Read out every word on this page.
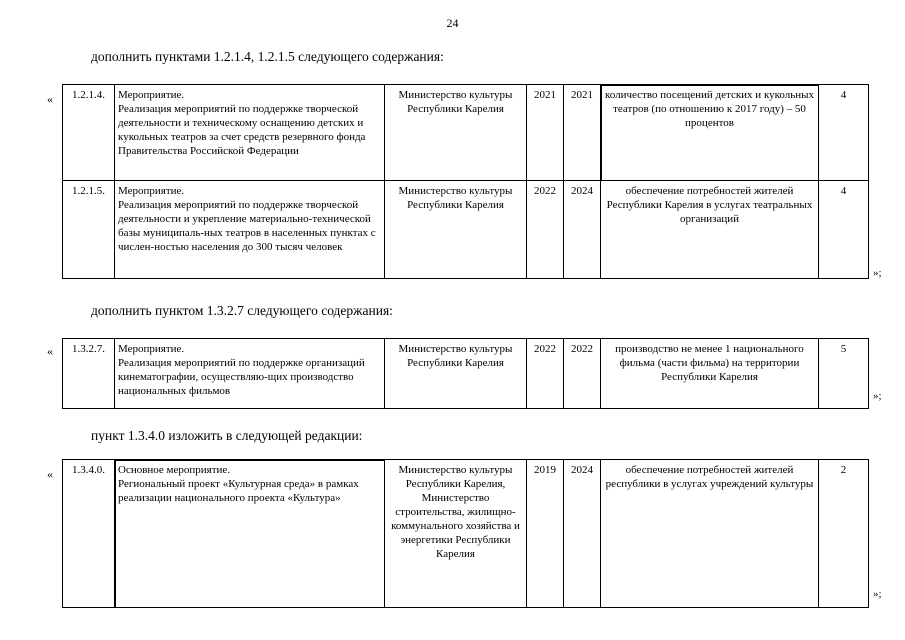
24
дополнить пунктами 1.2.1.4, 1.2.1.5 следующего содержания:
« 1.2.1.4.	Мероприятие.
Реализация мероприятий по поддержке творческой деятельности и техническому оснащению детских и кукольных театров за счет средств резервного фонда Правительства Российской Федерации	Министерство культуры Республики Карелия	2021	2021	количество посещений детских и кукольных театров (по отношению к 2017 году) – 50 процентов	4
1.2.1.5.	Мероприятие.
Реализация мероприятий по поддержке творческой деятельности и укрепление материально-технической базы муниципаль-ных театров в населенных пунктах с числен-ностью населения до 300 тысяч человек	Министерство культуры Республики Карелия	2022	2024	обеспечение потребностей жителей Республики Карелия в услугах театральных организаций	4
»;
дополнить пунктом 1.3.2.7 следующего содержания:
« 1.3.2.7.	Мероприятие.
Реализация мероприятий по поддержке организаций кинематографии, осуществляю-щих производство национальных фильмов
	Министерство культуры Республики Карелия	2022	2022	производство не менее 1 национального фильма (части фильма) на территории Республики Карелия	5
»;
пункт 1.3.4.0 изложить в следующей редакции:
« 1.3.4.0.	Основное мероприятие.
Региональный проект «Культурная среда» в рамках реализации национального проекта «Культура»
	Министерство культуры Республики Карелия, Министерство строительства, жилищно-коммунального хозяйства и энергетики Республики Карелия	2019	2024	обеспечение потребностей жителей республики в услугах учреждений культуры	2
»;
